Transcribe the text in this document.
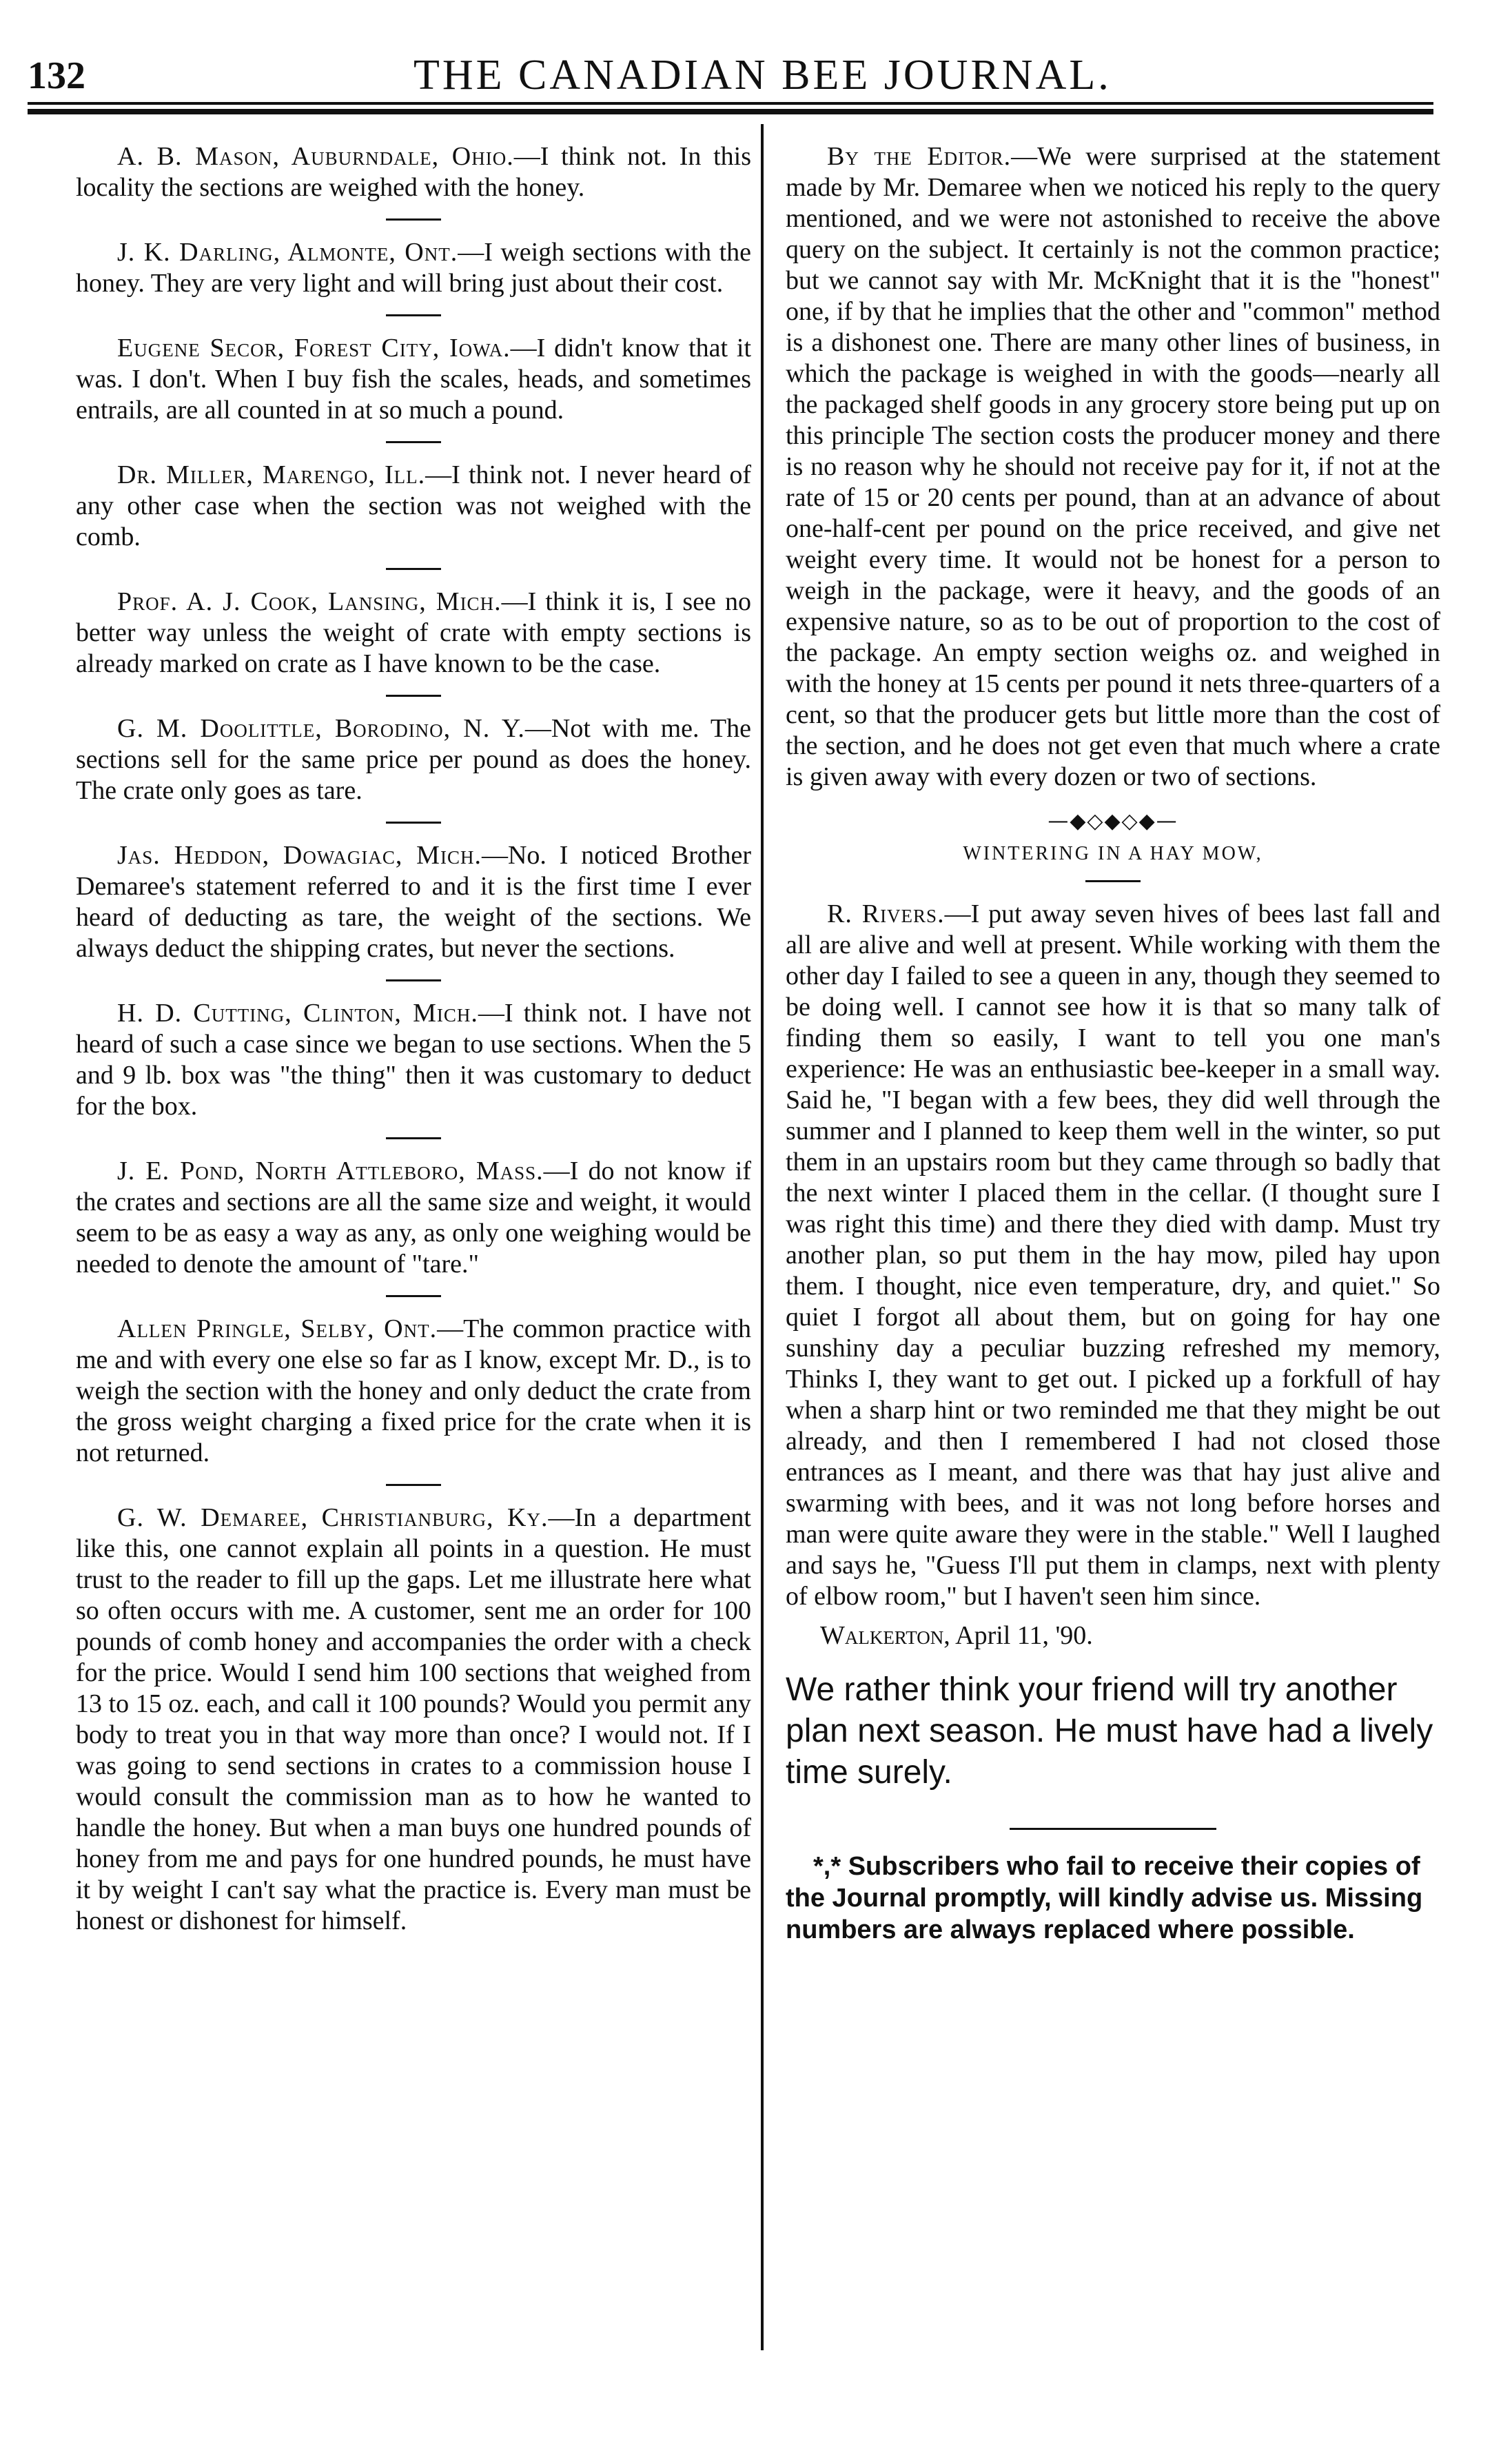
132	THE CANADIAN BEE JOURNAL.

A. B. Mason, Auburndale, Ohio.—I think not. In this locality the sections are weighed with the honey.

J. K. Darling, Almonte, Ont.—I weigh sections with the honey. They are very light and will bring just about their cost.

Eugene Secor, Forest City, Iowa.—I didn't know that it was. I don't. When I buy fish the scales, heads, and sometimes entrails, are all counted in at so much a pound.

Dr. Miller, Marengo, Ill.—I think not. I never heard of any other case when the section was not weighed with the comb.

Prof. A. J. Cook, Lansing, Mich.—I think it is, I see no better way unless the weight of crate with empty sections is already marked on crate as I have known to be the case.

G. M. Doolittle, Borodino, N. Y.—Not with me. The sections sell for the same price per pound as does the honey. The crate only goes as tare.

Jas. Heddon, Dowagiac, Mich.—No. I noticed Brother Demaree's statement referred to and it is the first time I ever heard of deducting as tare, the weight of the sections. We always deduct the shipping crates, but never the sections.

H. D. Cutting, Clinton, Mich.—I think not. I have not heard of such a case since we began to use sections. When the 5 and 9 lb. box was "the thing" then it was customary to deduct for the box.

J. E. Pond, North Attleboro, Mass.—I do not know if the crates and sections are all the same size and weight, it would seem to be as easy a way as any, as only one weighing would be needed to denote the amount of "tare."

Allen Pringle, Selby, Ont.—The common practice with me and with every one else so far as I know, except Mr. D., is to weigh the section with the honey and only deduct the crate from the gross weight charging a fixed price for the crate when it is not returned.

G. W. Demaree, Christianburg, Ky.—In a department like this, one cannot explain all points in a question. He must trust to the reader to fill up the gaps. Let me illustrate here what so often occurs with me. A customer, sent me an order for 100 pounds of comb honey and accompanies the order with a check for the price. Would I send him 100 sections that weighed from 13 to 15 oz. each, and call it 100 pounds? Would you permit any body to treat you in that way more than once? I would not. If I was going to send sections in crates to a commission house I would consult the commission man as to how he wanted to handle the honey. But when a man buys one hundred pounds of honey from me and pays for one hundred pounds, he must have it by weight I can't say what the practice is. Every man must be honest or dishonest for himself.

By the Editor.—We were surprised at the statement made by Mr. Demaree when we noticed his reply to the query mentioned, and we were not astonished to receive the above query on the subject. It certainly is not the common practice; but we cannot say with Mr. McKnight that it is the "honest" one, if by that he implies that the other and "common" method is a dishonest one. There are many other lines of business, in which the package is weighed in with the goods—nearly all the packaged shelf goods in any grocery store being put up on this principle The section costs the producer money and there is no reason why he should not receive pay for it, if not at the rate of 15 or 20 cents per pound, than at an advance of about one-half-cent per pound on the price received, and give net weight every time. It would not be honest for a person to weigh in the package, were it heavy, and the goods of an expensive nature, so as to be out of proportion to the cost of the package. An empty section weighs oz. and weighed in with the honey at 15 cents per pound it nets three-quarters of a cent, so that the producer gets but little more than the cost of the section, and he does not get even that much where a crate is given away with every dozen or two of sections.

—◆◇◆◇◆—
WINTERING IN A HAY MOW,

R. Rivers.—I put away seven hives of bees last fall and all are alive and well at present. While working with them the other day I failed to see a queen in any, though they seemed to be doing well. I cannot see how it is that so many talk of finding them so easily, I want to tell you one man's experience: He was an enthusiastic bee-keeper in a small way. Said he, "I began with a few bees, they did well through the summer and I planned to keep them well in the winter, so put them in an upstairs room but they came through so badly that the next winter I placed them in the cellar. (I thought sure I was right this time) and there they died with damp. Must try another plan, so put them in the hay mow, piled hay upon them. I thought, nice even temperature, dry, and quiet." So quiet I forgot all about them, but on going for hay one sunshiny day a peculiar buzzing refreshed my memory, Thinks I, they want to get out. I picked up a forkfull of hay when a sharp hint or two reminded me that they might be out already, and then I remembered I had not closed those entrances as I meant, and there was that hay just alive and swarming with bees, and it was not long before horses and man were quite aware they were in the stable." Well I laughed and says he, "Guess I'll put them in clamps, next with plenty of elbow room," but I haven't seen him since.

Walkerton, April 11, '90.

We rather think your friend will try another plan next season. He must have had a lively time surely.

*,* Subscribers who fail to receive their copies of the Journal promptly, will kindly advise us. Missing numbers are always replaced where possible.
